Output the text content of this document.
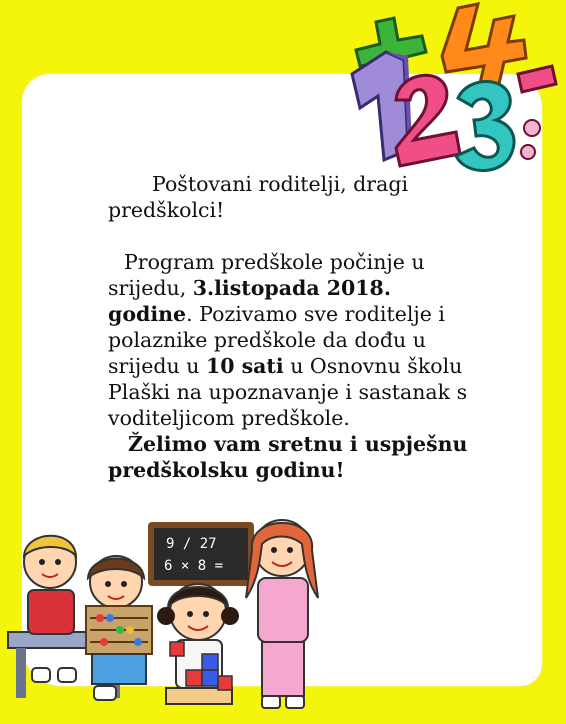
Poštovani roditelji, dragi predškolci!
Program predškole počinje u srijedu, 3.listopada 2018. godine. Pozivamo sve roditelje i polaznike predškole da dođu u srijedu u 10 sati u Osnovnu školu Plaški na upoznavanje i sastanak s voditeljicom predškole.
Želimo vam sretnu i uspješnu predškolsku godinu!
9 / 27
6 × 8 =
